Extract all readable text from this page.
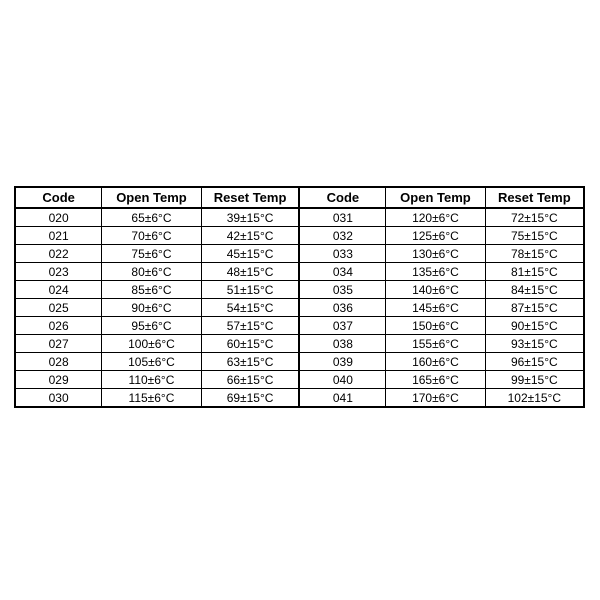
Code	Open Temp	Reset Temp	Code	Open Temp	Reset Temp
020	65±6°C	39±15°C	031	120±6°C	72±15°C
021	70±6°C	42±15°C	032	125±6°C	75±15°C
022	75±6°C	45±15°C	033	130±6°C	78±15°C
023	80±6°C	48±15°C	034	135±6°C	81±15°C
024	85±6°C	51±15°C	035	140±6°C	84±15°C
025	90±6°C	54±15°C	036	145±6°C	87±15°C
026	95±6°C	57±15°C	037	150±6°C	90±15°C
027	100±6°C	60±15°C	038	155±6°C	93±15°C
028	105±6°C	63±15°C	039	160±6°C	96±15°C
029	110±6°C	66±15°C	040	165±6°C	99±15°C
030	115±6°C	69±15°C	041	170±6°C	102±15°C
